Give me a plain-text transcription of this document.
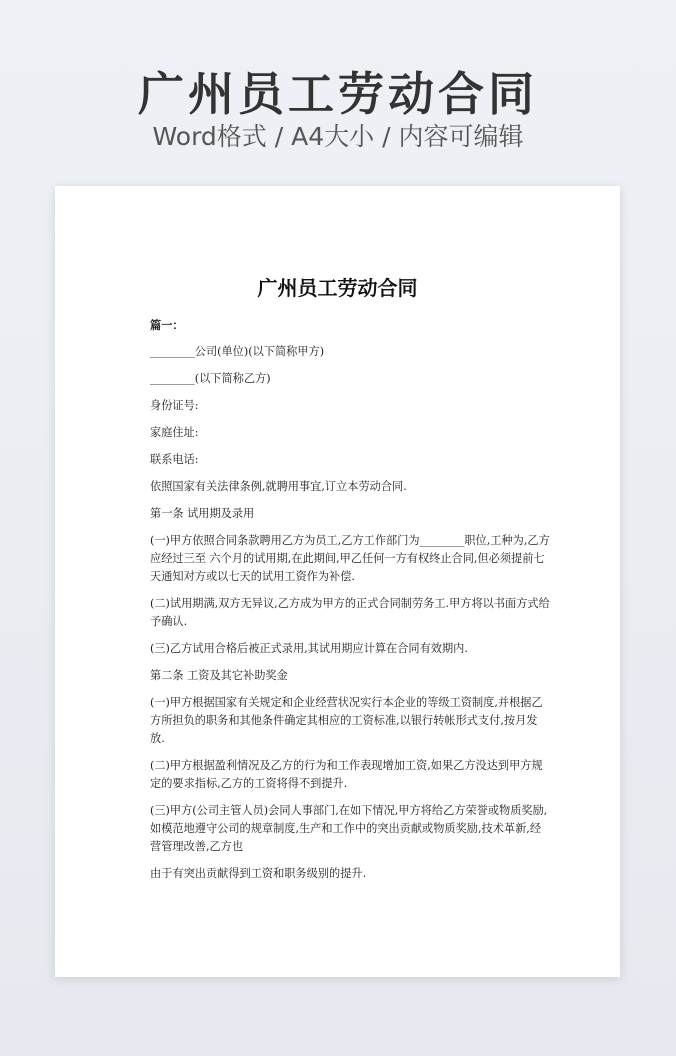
广州员工劳动合同
Word格式 / A4大小 / 内容可编辑
广州员工劳动合同

篇一：

________公司(单位)(以下简称甲方)

________(以下简称乙方)

身份证号:

家庭住址:

联系电话:

依照国家有关法律条例,就聘用事宜,订立本劳动合同.

第一条 试用期及录用

(一)甲方依照合同条款聘用乙方为员工,乙方工作部门为________职位,工种为,乙方应经过三至 六个月的试用期,在此期间,甲乙任何一方有权终止合同,但必须提前七天通知对方或以七天的试用工资作为补偿.

(二)试用期满,双方无异议,乙方成为甲方的正式合同制劳务工.甲方将以书面方式给予确认.

(三)乙方试用合格后被正式录用,其试用期应计算在合同有效期内.

第二条 工资及其它补助奖金

(一)甲方根据国家有关规定和企业经营状况实行本企业的等级工资制度,并根据乙方所担负的职务和其他条件确定其相应的工资标准,以银行转帐形式支付,按月发放.

(二)甲方根据盈利情况及乙方的行为和工作表现增加工资,如果乙方没达到甲方规定的要求指标,乙方的工资将得不到提升.

(三)甲方(公司主管人员)会同人事部门,在如下情况,甲方将给乙方荣誉或物质奖励,如模范地遵守公司的规章制度,生产和工作中的突出贡献或物质奖励,技术革新,经营管理改善,乙方也

由于有突出贡献得到工资和职务级别的提升.
